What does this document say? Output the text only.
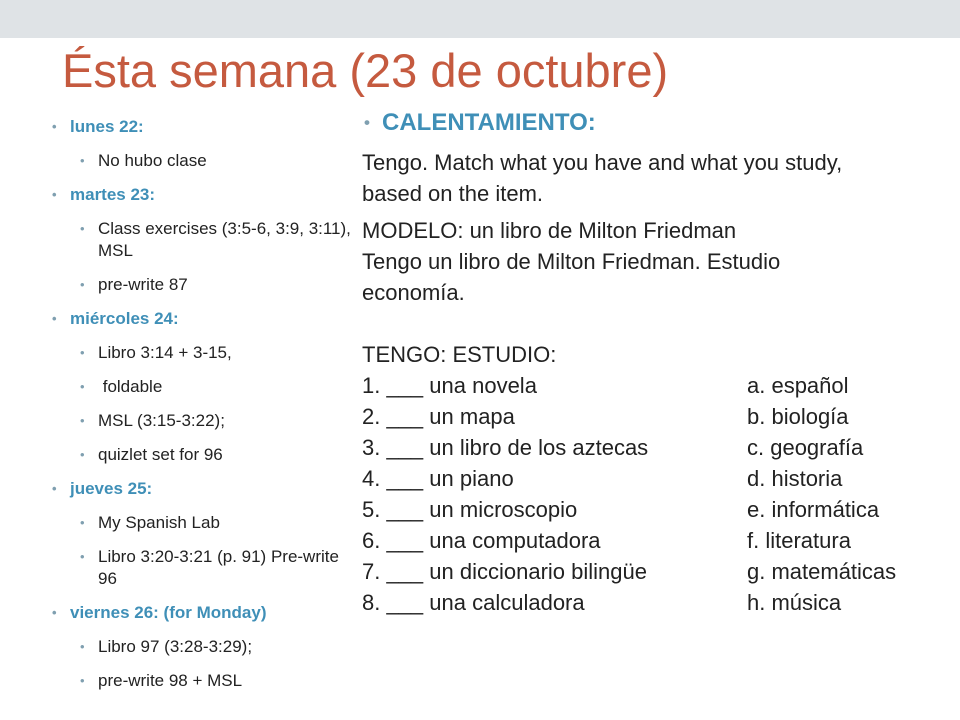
Ésta semana (23 de octubre)
• lunes 22:
• No hubo clase
• martes 23:
• Class exercises (3:5-6, 3:9, 3:11), MSL
• pre-write 87
• miércoles 24:
• Libro 3:14 + 3-15,
• foldable
• MSL (3:15-3:22);
• quizlet set for 96
• jueves 25:
• My Spanish Lab
• Libro 3:20-3:21 (p. 91) Pre-write 96
• viernes 26: (for Monday)
• Libro 97 (3:28-3:29);
• pre-write 98 + MSL
• CALENTAMIENTO:
Tengo. Match what you have and what you study,
based on the item.
MODELO: un libro de Milton Friedman
Tengo un libro de Milton Friedman. Estudio
economía.
TENGO: ESTUDIO:
1. ___ una novela	a. español
2. ___ un mapa	b. biología
3. ___ un libro de los aztecas	c. geografía
4. ___ un piano	d. historia
5. ___ un microscopio	e. informática
6. ___ una computadora	f. literatura
7. ___ un diccionario bilingüe	g. matemáticas
8. ___ una calculadora	h. música
